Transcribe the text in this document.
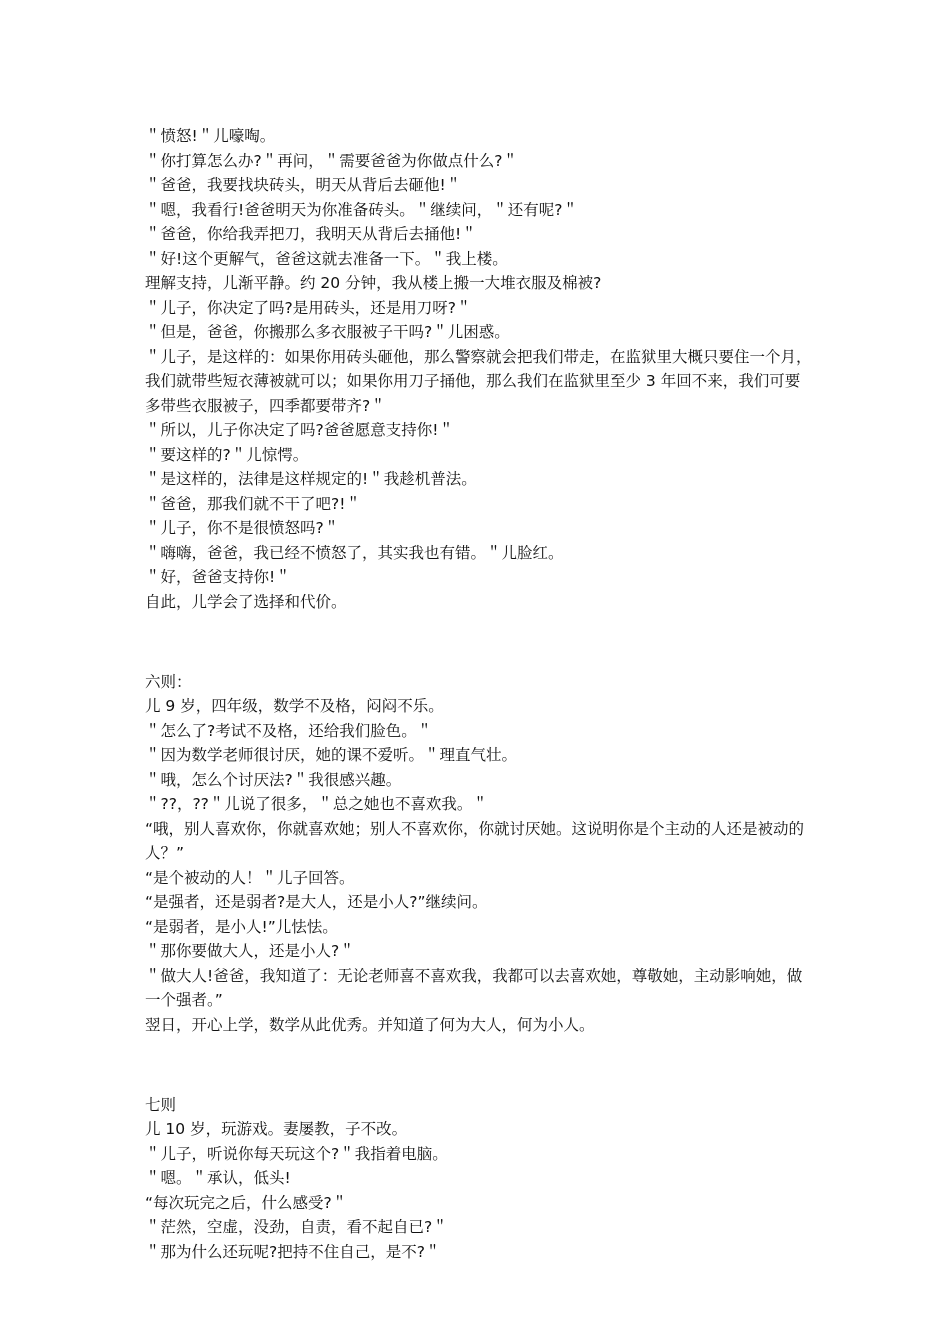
＂愤怒!＂儿嚎啕。

＂你打算怎么办?＂再问，＂需要爸爸为你做点什么?＂

＂爸爸，我要找块砖头，明天从背后去砸他!＂

＂嗯，我看行!爸爸明天为你准备砖头。＂继续问，＂还有呢?＂

＂爸爸，你给我弄把刀，我明天从背后去捅他!＂

＂好!这个更解气，爸爸这就去准备一下。＂我上楼。

理解支持，儿渐平静。约 20 分钟，我从楼上搬一大堆衣服及棉被?

＂儿子，你决定了吗?是用砖头，还是用刀呀?＂

＂但是，爸爸，你搬那么多衣服被子干吗?＂儿困惑。

＂儿子，是这样的：如果你用砖头砸他，那么警察就会把我们带走，在监狱里大概只要住一个月，我们就带些短衣薄被就可以；如果你用刀子捅他，那么我们在监狱里至少 3 年回不来，我们可要多带些衣服被子，四季都要带齐?＂

＂所以，儿子你决定了吗?爸爸愿意支持你!＂

＂要这样的?＂儿惊愕。

＂是这样的，法律是这样规定的!＂我趁机普法。

＂爸爸，那我们就不干了吧?!＂

＂儿子，你不是很愤怒吗?＂

＂嗨嗨，爸爸，我已经不愤怒了，其实我也有错。＂儿脸红。

＂好，爸爸支持你!＂

自此，儿学会了选择和代价。

六则：

儿 9 岁，四年级，数学不及格，闷闷不乐。

＂怎么了?考试不及格，还给我们脸色。＂

＂因为数学老师很讨厌，她的课不爱听。＂理直气壮。

＂哦，怎么个讨厌法?＂我很感兴趣。

＂??，??＂儿说了很多，＂总之她也不喜欢我。＂

“哦，别人喜欢你，你就喜欢她；别人不喜欢你，你就讨厌她。这说明你是个主动的人还是被动的人？”

“是个被动的人！＂儿子回答。

“是强者，还是弱者?是大人，还是小人?”继续问。

“是弱者，是小人!”儿怯怯。

＂那你要做大人，还是小人?＂

＂做大人!爸爸，我知道了：无论老师喜不喜欢我，我都可以去喜欢她，尊敬她，主动影响她，做一个强者。”

翌日，开心上学，数学从此优秀。并知道了何为大人，何为小人。

七则

儿 10 岁，玩游戏。妻屡教，子不改。

＂儿子，听说你每天玩这个?＂我指着电脑。

＂嗯。＂承认，低头!

“每次玩完之后，什么感受?＂

＂茫然，空虚，没劲，自责，看不起自已?＂

＂那为什么还玩呢?把持不住自己，是不?＂
